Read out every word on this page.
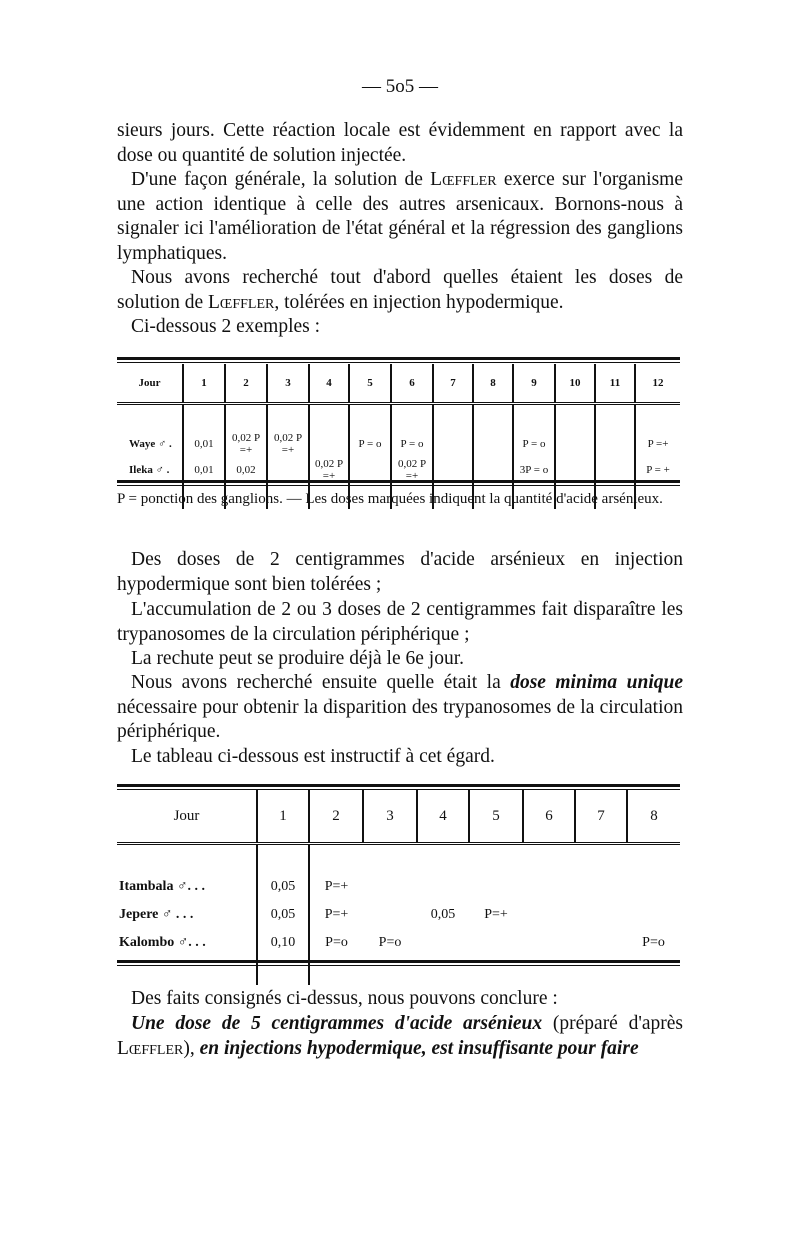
— 5o5 —

sieurs jours. Cette réaction locale est évidemment en rapport avec la dose ou quantité de solution injectée.

D'une façon générale, la solution de Lœffler exerce sur l'organisme une action identique à celle des autres arsenicaux. Bornons-nous à signaler ici l'amélioration de l'état général et la régression des ganglions lymphatiques.

Nous avons recherché tout d'abord quelles étaient les doses de solution de Lœffler, tolérées en injection hypodermique.

Ci-dessous 2 exemples :

Jour	1	2	3	4	5	6	7	8	9	10	11	12

Waye ♂ .	0,01	0,02 P =+	0,02 P =+		P = o	P = o			P = o			P =+
Ileka ♂ .	0,01	0,02		0,02 P =+		0,02 P =+			3P = o			P = +

P = ponction des ganglions. — Les doses marquées indiquent la quantité d'acide arsénieux.

Des doses de 2 centigrammes d'acide arsénieux en injection hypodermique sont bien tolérées ;

L'accumulation de 2 ou 3 doses de 2 centigrammes fait disparaître les trypanosomes de la circulation périphérique ;

La rechute peut se produire déjà le 6e jour.

Nous avons recherché ensuite quelle était la dose minima unique nécessaire pour obtenir la disparition des trypanosomes de la circulation périphérique.

Le tableau ci-dessous est instructif à cet égard.

Jour	1	2	3	4	5	6	7	8

Itambala ♂. . .	0,05	P=+						
Jepere ♂ . . .	0,05	P=+		0,05	P=+			
Kalombo ♂. . .	0,10	P=o	P=o					P=o

Des faits consignés ci-dessus, nous pouvons conclure :

Une dose de 5 centigrammes d'acide arsénieux (préparé d'après Lœffler), en injections hypodermique, est insuffisante pour faire
